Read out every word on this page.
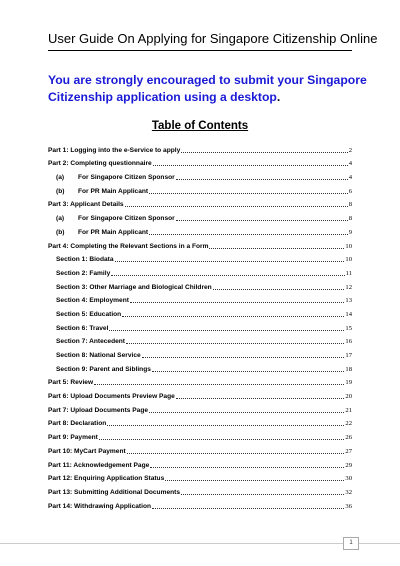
User Guide On Applying for Singapore Citizenship Online
You are strongly encouraged to submit your Singapore Citizenship application using a desktop.
Table of Contents
Part 1: Logging into the e-Service to apply	2
Part 2: Completing questionnaire	4
(a)	For Singapore Citizen Sponsor	4
(b)	For PR Main Applicant	6
Part 3: Applicant Details	8
(a)	For Singapore Citizen Sponsor	8
(b)	For PR Main Applicant	9
Part 4: Completing the Relevant Sections in a Form	10
Section 1: Biodata	10
Section 2: Family	11
Section 3: Other Marriage and Biological Children	12
Section 4: Employment	13
Section 5: Education	14
Section 6: Travel	15
Section 7: Antecedent	16
Section 8: National Service	17
Section 9: Parent and Siblings	18
Part 5: Review	19
Part 6: Upload Documents Preview Page	20
Part 7: Upload Documents Page	21
Part 8: Declaration	22
Part 9: Payment	26
Part 10: MyCart Payment	27
Part 11: Acknowledgement Page	29
Part 12: Enquiring Application Status	30
Part 13: Submitting Additional Documents	32
Part 14: Withdrawing Application	36
1
